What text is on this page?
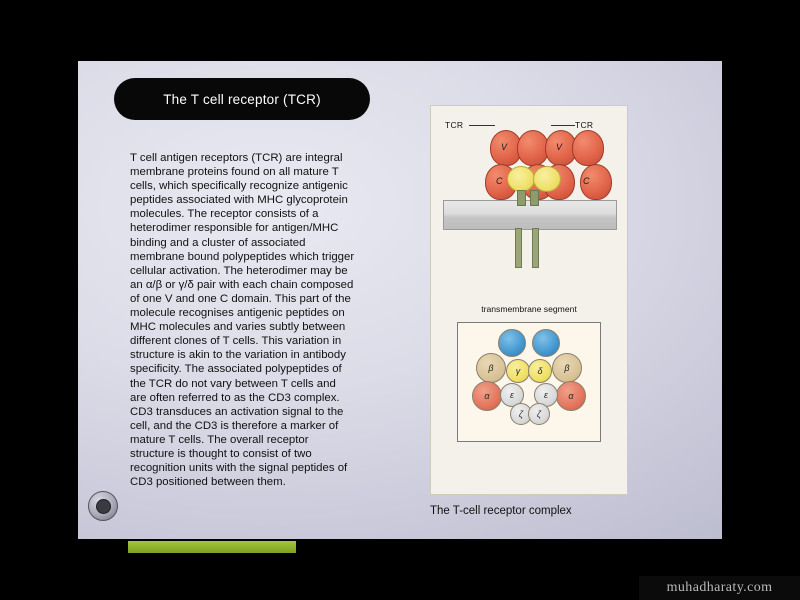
The T cell receptor (TCR)
T cell antigen receptors (TCR) are integral membrane proteins found on all mature T cells, which specifically recognize antigenic peptides associated with MHC glycoprotein molecules. The receptor consists of a heterodimer responsible for antigen/MHC binding and a cluster of associated membrane bound polypeptides which trigger cellular activation. The heterodimer may be an α/β or γ/δ pair with each chain composed of one V and one C domain. This part of the molecule recognises antigenic peptides on MHC molecules and varies subtly between different clones of T cells. This variation in structure is akin to the variation in antibody specificity. The associated polypeptides of the TCR do not vary between T cells and are often referred to as the CD3 complex. CD3 transduces an activation signal to the cell, and the CD3 is therefore a marker of mature T cells. The overall receptor structure is thought to consist of two recognition units with the signal peptides of CD3 positioned between them.
TCR	TCR
V	V
C	C
transmembrane segment
β	β
γ	δ
α	α
ε	ε
ζ	ζ
The T-cell receptor complex
muhadharaty.com
